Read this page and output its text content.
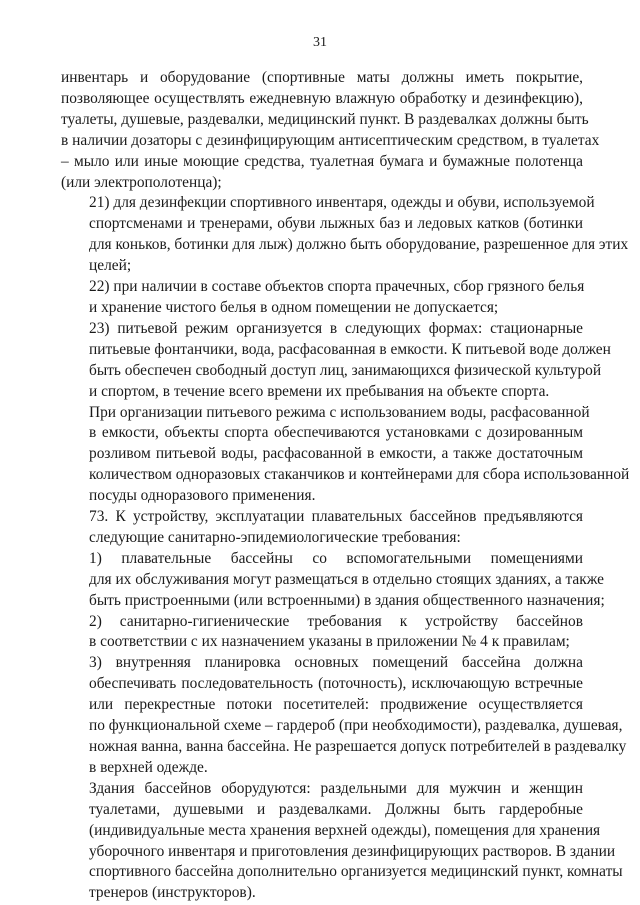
31

инвентарь и оборудование (спортивные маты должны иметь покрытие,
позволяющее осуществлять ежедневную влажную обработку и дезинфекцию),
туалеты, душевые, раздевалки, медицинский пункт. В раздевалках должны быть
в наличии дозаторы с дезинфицирующим антисептическим средством, в туалетах
– мыло или иные моющие средства, туалетная бумага и бумажные полотенца
(или электрополотенца);

21) для дезинфекции спортивного инвентаря, одежды и обуви, используемой
спортсменами и тренерами, обуви лыжных баз и ледовых катков (ботинки
для коньков, ботинки для лыж) должно быть оборудование, разрешенное для этих
целей;

22) при наличии в составе объектов спорта прачечных, сбор грязного белья
и хранение чистого белья в одном помещении не допускается;

23) питьевой режим организуется в следующих формах: стационарные
питьевые фонтанчики, вода, расфасованная в емкости. К питьевой воде должен
быть обеспечен свободный доступ лиц, занимающихся физической культурой
и спортом, в течение всего времени их пребывания на объекте спорта.

При организации питьевого режима с использованием воды, расфасованной
в емкости, объекты спорта обеспечиваются установками с дозированным
розливом питьевой воды, расфасованной в емкости, а также достаточным
количеством одноразовых стаканчиков и контейнерами для сбора использованной
посуды одноразового применения.

73. К устройству, эксплуатации плавательных бассейнов предъявляются
следующие санитарно-эпидемиологические требования:

1) плавательные бассейны со вспомогательными помещениями
для их обслуживания могут размещаться в отдельно стоящих зданиях, а также
быть пристроенными (или встроенными) в здания общественного назначения;

2) санитарно-гигиенические требования к устройству бассейнов
в соответствии с их назначением указаны в приложении № 4 к правилам;

3) внутренняя планировка основных помещений бассейна должна
обеспечивать последовательность (поточность), исключающую встречные
или перекрестные потоки посетителей: продвижение осуществляется
по функциональной схеме – гардероб (при необходимости), раздевалка, душевая,
ножная ванна, ванна бассейна. Не разрешается допуск потребителей в раздевалку
в верхней одежде.

Здания бассейнов оборудуются: раздельными для мужчин и женщин
туалетами, душевыми и раздевалками. Должны быть гардеробные
(индивидуальные места хранения верхней одежды), помещения для хранения
уборочного инвентаря и приготовления дезинфицирующих растворов. В здании
спортивного бассейна дополнительно организуется медицинский пункт, комнаты
тренеров (инструкторов).
